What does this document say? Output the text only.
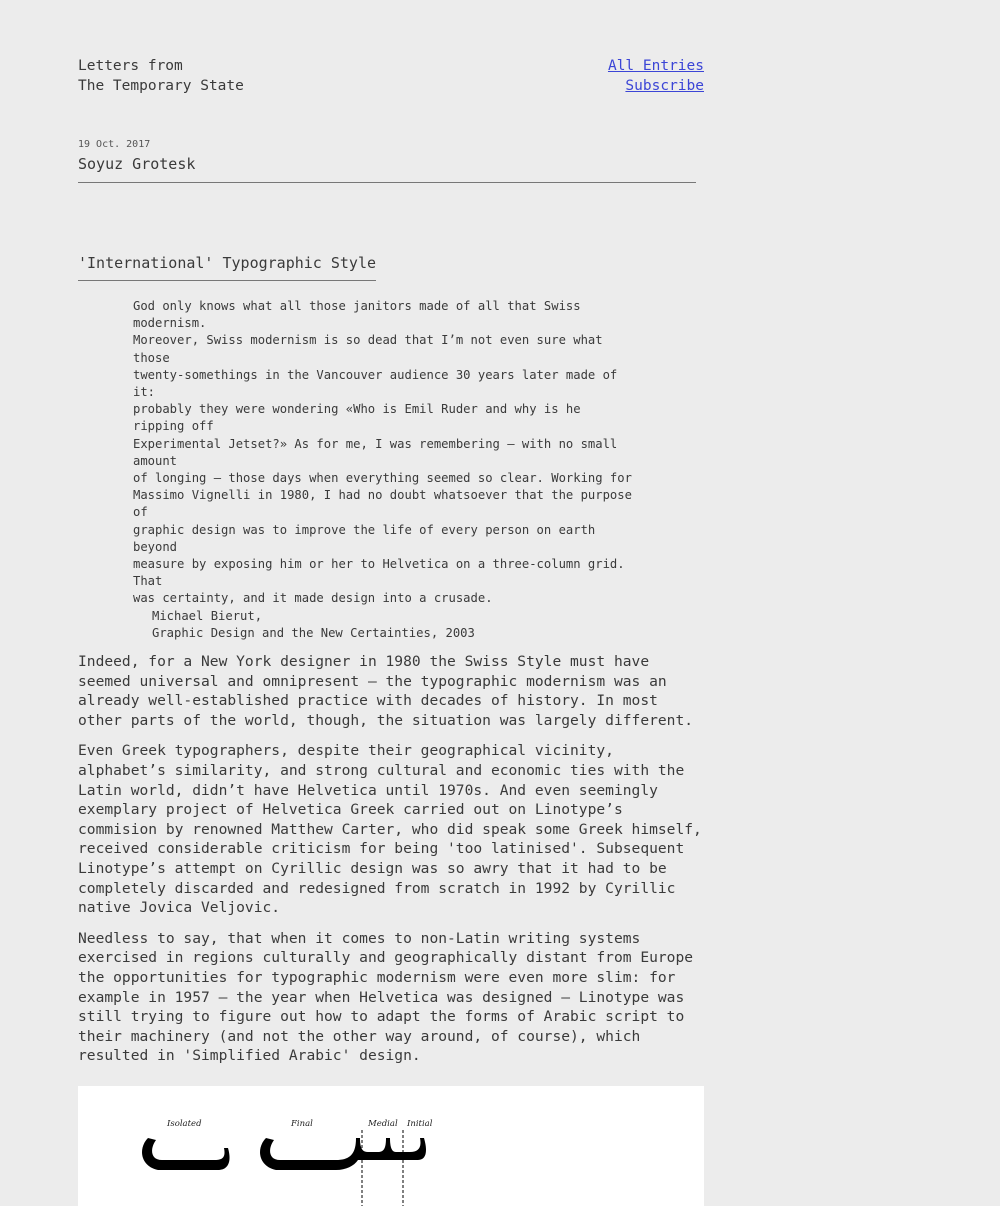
Letters from
The Temporary State
All Entries
Subscribe
19 Oct. 2017
Soyuz Grotesk
'International' Typographic Style

God only knows what all those janitors made of all that Swiss modernism.

Moreover, Swiss modernism is so dead that I’m not even sure what those

twenty-somethings in the Vancouver audience 30 years later made of it:

probably they were wondering «Who is Emil Ruder and why is he ripping off

Experimental Jetset?» As for me, I was remembering — with no small amount

of longing — those days when everything seemed so clear. Working for

Massimo Vignelli in 1980, I had no doubt whatsoever that the purpose of

graphic design was to improve the life of every person on earth beyond

measure by exposing him or her to Helvetica on a three-column grid. That

was certainty, and it made design into a crusade.

Michael Bierut,

Graphic Design and the New Certainties, 2003

Indeed, for a New York designer in 1980 the Swiss Style must have seemed universal and omnipresent — the typographic modernism was an already well-established practice with decades of history. In most other parts of the world, though, the situation was largely different.

Even Greek typographers, despite their geographical vicinity, alphabet’s similarity, and strong cultural and economic ties with the Latin world, didn’t have Helvetica until 1970s. And even seemingly exemplary project of Helvetica Greek carried out on Linotype’s commision by renowned Matthew Carter, who did speak some Greek himself, received considerable criticism for being 'too latinised'. Subsequent Linotype’s attempt on Cyrillic design was so awry that it had to be completely discarded and redesigned from scratch in 1992 by Cyrillic native Jovica Veljovic.

Needless to say, that when it comes to non-Latin writing systems exercised in regions culturally and geographically distant from Europe the opportunities for typographic modernism were even more slim: for example in 1957 — the year when Helvetica was designed — Linotype was still trying to figure out how to adapt the forms of Arabic script to their machinery (and not the other way around, of course), which resulted in 'Simplified Arabic' design.

Isolated	Final	Medial Initial
